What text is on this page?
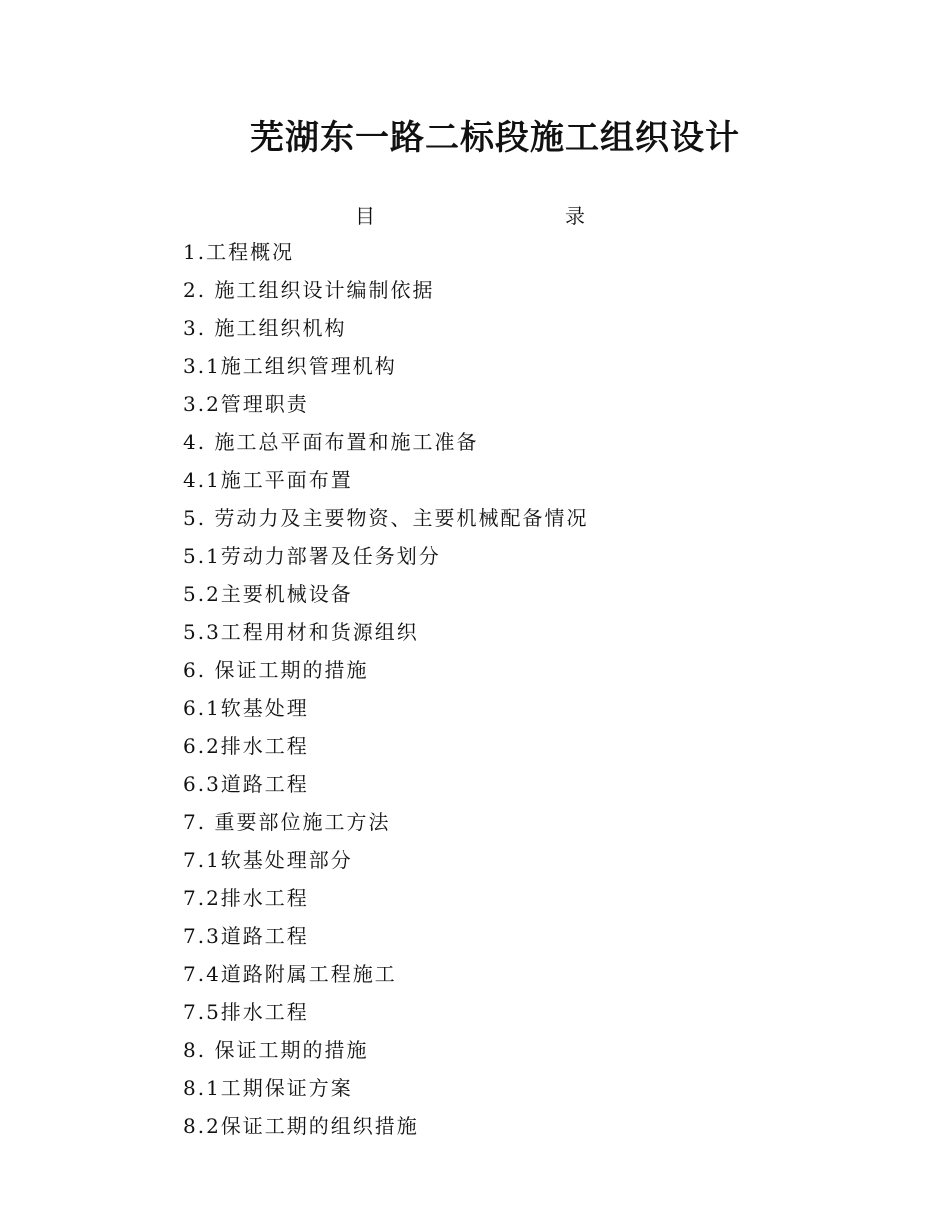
芜湖东一路二标段施工组织设计
目	录
1.工程概况
2. 施工组织设计编制依据
3. 施工组织机构
3.1施工组织管理机构
3.2管理职责
4. 施工总平面布置和施工准备
4.1施工平面布置
5. 劳动力及主要物资、主要机械配备情况
5.1劳动力部署及任务划分
5.2主要机械设备
5.3工程用材和货源组织
6. 保证工期的措施
6.1软基处理
6.2排水工程
6.3道路工程
7. 重要部位施工方法
7.1软基处理部分
7.2排水工程
7.3道路工程
7.4道路附属工程施工
7.5排水工程
8. 保证工期的措施
8.1工期保证方案
8.2保证工期的组织措施
